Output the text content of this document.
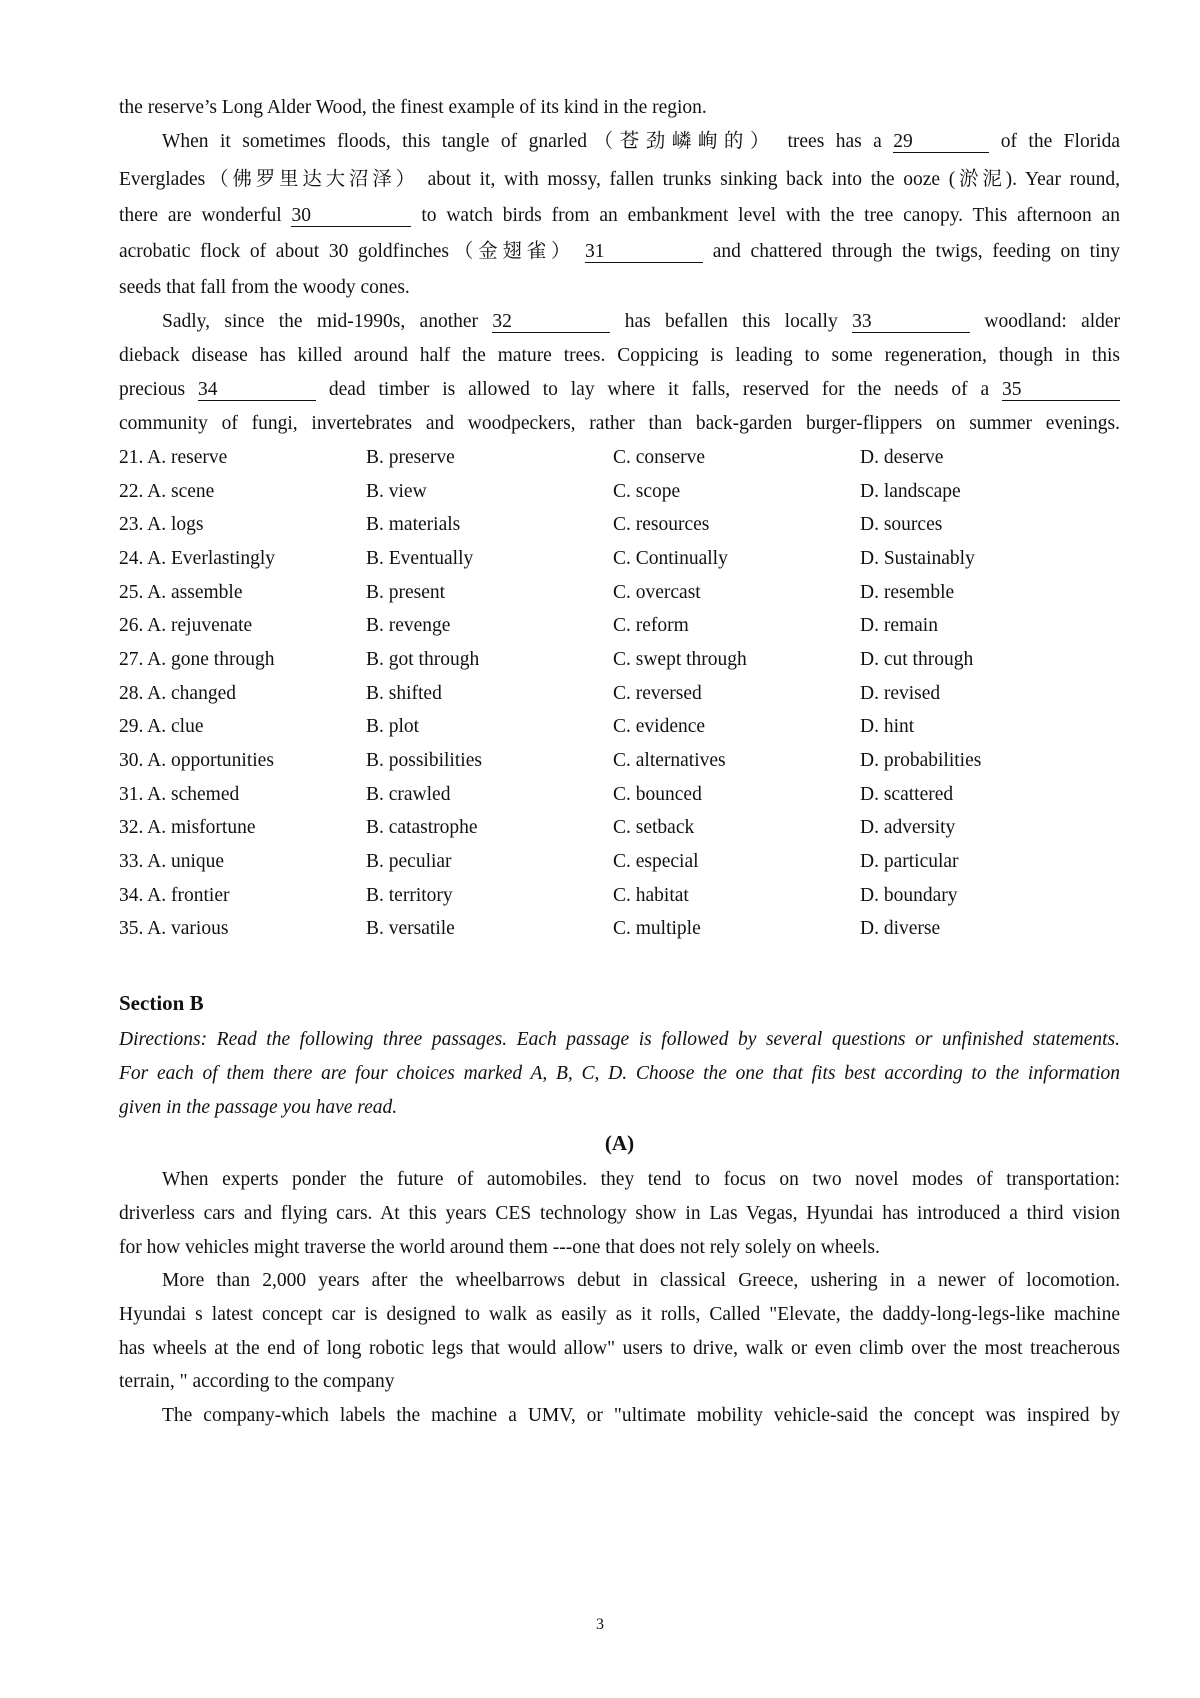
the reserve’s Long Alder Wood, the finest example of its kind in the region.
When it sometimes floods, this tangle of gnarled（苍劲嶙峋的） trees has a 29	of the Florida
Everglades（佛罗里达大沼泽） about it, with mossy, fallen trunks sinking back into the ooze (淤泥). Year round,
there are wonderful 30	to watch birds from an embankment level with the tree canopy. This afternoon an
acrobatic flock of about 30 goldfinches（金翅雀） 31	and chattered through the twigs, feeding on tiny
seeds that fall from the woody cones.
Sadly, since the mid-1990s, another 32	has befallen this locally 33	woodland: alder
dieback disease has killed around half the mature trees. Coppicing is leading to some regeneration, though in this
precious 34	dead timber is allowed to lay where it falls, reserved for the needs of a 35
community of fungi, invertebrates and woodpeckers, rather than back-garden burger-flippers on summer evenings.
21. A. reserve	B. preserve	C. conserve	D. deserve
22. A. scene	B. view	C. scope	D. landscape
23. A. logs	B. materials	C. resources	D. sources
24. A. Everlastingly	B. Eventually	C. Continually	D. Sustainably
25. A. assemble	B. present	C. overcast	D. resemble
26. A. rejuvenate	B. revenge	C. reform	D. remain
27. A. gone through	B. got through	C. swept through	D. cut through
28. A. changed	B. shifted	C. reversed	D. revised
29. A. clue	B. plot	C. evidence	D. hint
30. A. opportunities	B. possibilities	C. alternatives	D. probabilities
31. A. schemed	B. crawled	C. bounced	D. scattered
32. A. misfortune	B. catastrophe	C. setback	D. adversity
33. A. unique	B. peculiar	C. especial	D. particular
34. A. frontier	B. territory	C. habitat	D. boundary
35. A. various	B. versatile	C. multiple	D. diverse
Section B
Directions: Read the following three passages. Each passage is followed by several questions or unfinished statements.
For each of them there are four choices marked A, B, C, D. Choose the one that fits best according to the information
given in the passage you have read.
(A)
When experts ponder the future of automobiles. they tend to focus on two novel modes of transportation:
driverless cars and flying cars. At this years CES technology show in Las Vegas, Hyundai has introduced a third vision
for how vehicles might traverse the world around them ---one that does not rely solely on wheels.
More than 2,000 years after the wheelbarrows debut in classical Greece, ushering in a newer of locomotion.
Hyundai s latest concept car is designed to walk as easily as it rolls, Called "Elevate, the daddy-long-legs-like machine
has wheels at the end of long robotic legs that would allow" users to drive, walk or even climb over the most treacherous
terrain, " according to the company
The company-which labels the machine a UMV, or "ultimate mobility vehicle-said the concept was inspired by
3
